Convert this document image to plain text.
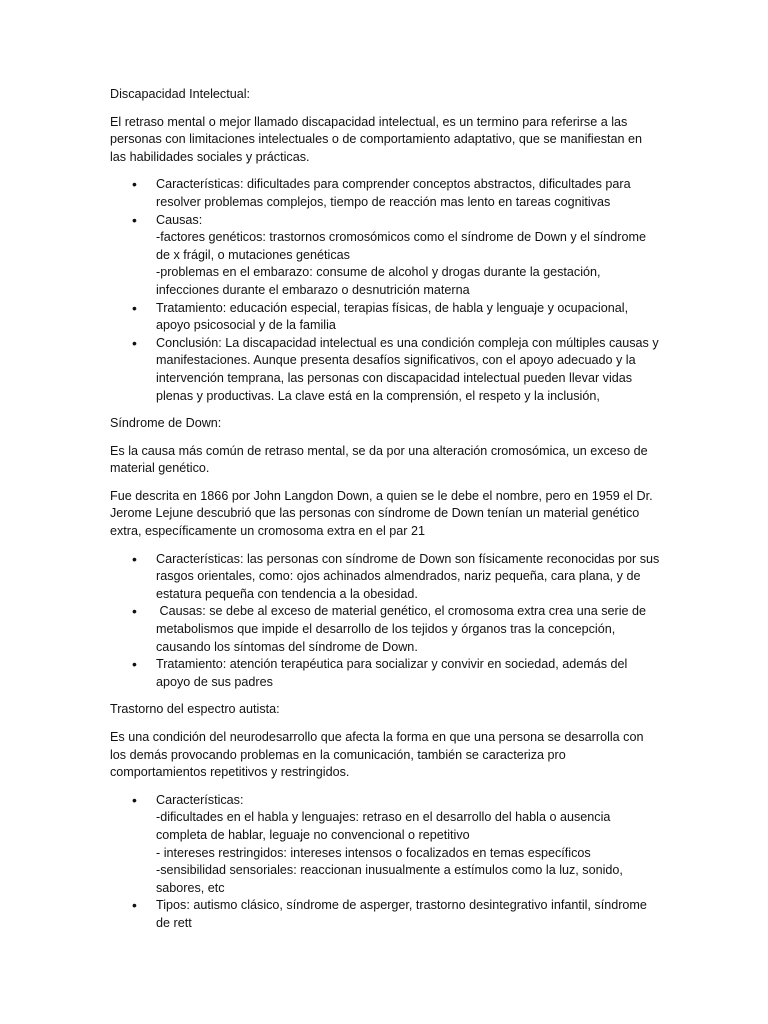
Discapacidad Intelectual:

El retraso mental o mejor llamado discapacidad intelectual, es un termino para referirse a las personas con limitaciones intelectuales o de comportamiento adaptativo, que se manifiestan en las habilidades sociales y prácticas.

• Características: dificultades para comprender conceptos abstractos, dificultades para resolver problemas complejos, tiempo de reacción mas lento en tareas cognitivas
• Causas:
-factores genéticos: trastornos cromosómicos como el síndrome de Down y el síndrome de x frágil, o mutaciones genéticas
-problemas en el embarazo: consume de alcohol y drogas durante la gestación, infecciones durante el embarazo o desnutrición materna
• Tratamiento: educación especial, terapias físicas, de habla y lenguaje y ocupacional, apoyo psicosocial y de la familia
• Conclusión: La discapacidad intelectual es una condición compleja con múltiples causas y manifestaciones. Aunque presenta desafíos significativos, con el apoyo adecuado y la intervención temprana, las personas con discapacidad intelectual pueden llevar vidas plenas y productivas. La clave está en la comprensión, el respeto y la inclusión,

Síndrome de Down:

Es la causa más común de retraso mental, se da por una alteración cromosómica, un exceso de material genético.

Fue descrita en 1866 por John Langdon Down, a quien se le debe el nombre, pero en 1959 el Dr. Jerome Lejune descubrió que las personas con síndrome de Down tenían un material genético extra, específicamente un cromosoma extra en el par 21

• Características: las personas con síndrome de Down son físicamente reconocidas por sus rasgos orientales, como: ojos achinados almendrados, nariz pequeña, cara plana, y de estatura pequeña con tendencia a la obesidad.
• Causas: se debe al exceso de material genético, el cromosoma extra crea una serie de metabolismos que impide el desarrollo de los tejidos y órganos tras la concepción, causando los síntomas del síndrome de Down.
• Tratamiento: atención terapéutica para socializar y convivir en sociedad, además del apoyo de sus padres

Trastorno del espectro autista:

Es una condición del neurodesarrollo que afecta la forma en que una persona se desarrolla con los demás provocando problemas en la comunicación, también se caracteriza pro comportamientos repetitivos y restringidos.

• Características:
-dificultades en el habla y lenguajes: retraso en el desarrollo del habla o ausencia completa de hablar, leguaje no convencional o repetitivo
- intereses restringidos: intereses intensos o focalizados en temas específicos
-sensibilidad sensoriales: reaccionan inusualmente a estímulos como la luz, sonido, sabores, etc
• Tipos: autismo clásico, síndrome de asperger, trastorno desintegrativo infantil, síndrome de rett
